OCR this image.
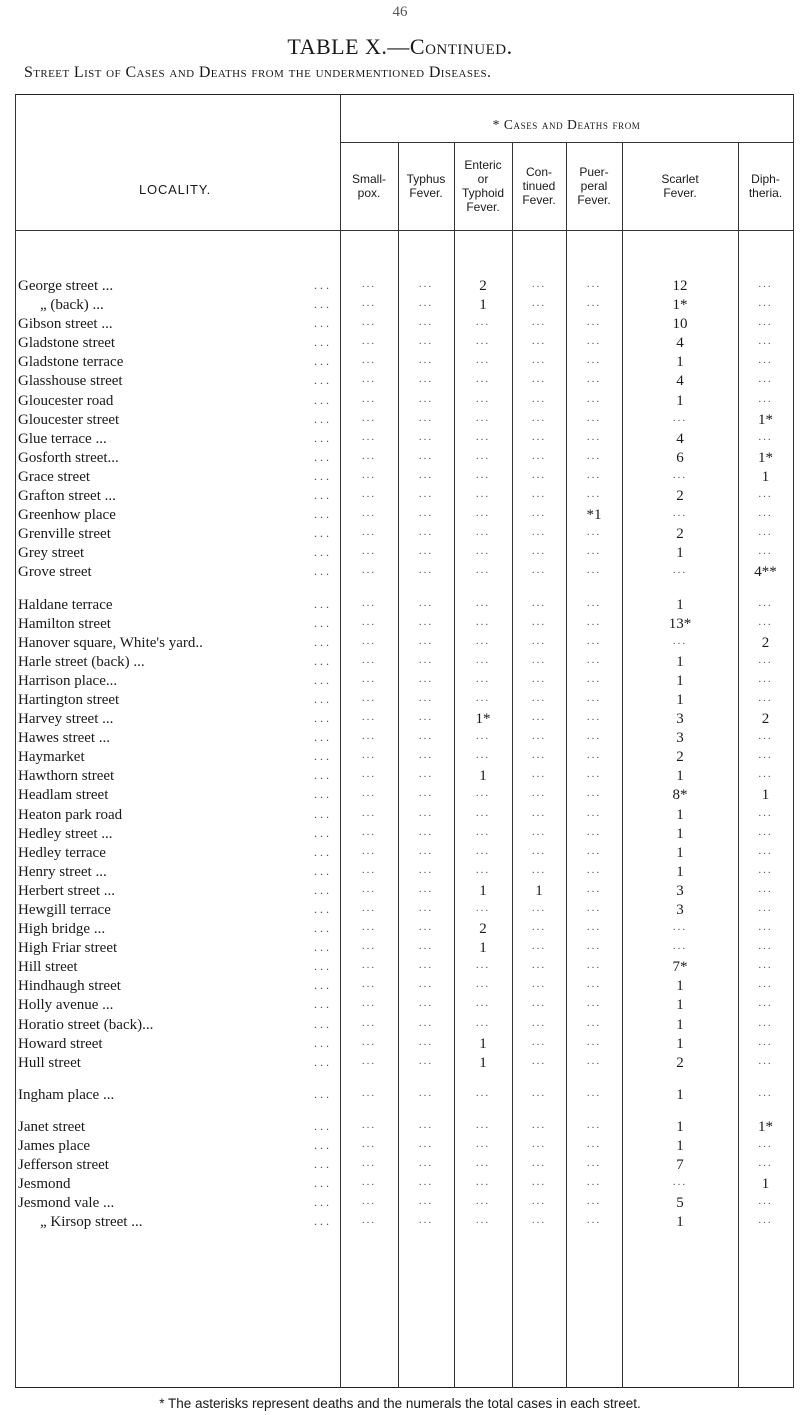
46
TABLE X.—Continued.
Street List of Cases and Deaths from the undermentioned Diseases.
* Cases and Deaths from
LOCALITY.
Small-
pox.
Typhus
Fever.
Enteric
or
Typhoid
Fever.
Con-
tinued
Fever.
Puer-
peral
Fever.
Scarlet
Fever.
Diph-
theria.
...
George street ...	...	...	2	...	...	12	...
...
„ (back) ...	...	...	1	...	...	1*	...
...
Gibson street ...	...	...	...	...	...	10	...
...
Gladstone street	...	...	...	...	...	4	...
...
Gladstone terrace	...	...	...	...	...	1	...
...
Glasshouse street	...	...	...	...	...	4	...
...
Gloucester road	...	...	...	...	...	1	...
...
Gloucester street	...	...	...	...	...	...	1*
...
Glue terrace ...	...	...	...	...	...	4	...
...
Gosforth street...	...	...	...	...	...	6	1*
...
Grace street	...	...	...	...	...	...	1
...
Grafton street ...	...	...	...	...	...	2	...
...
Greenhow place	...	...	...	...	*1	...	...
...
Grenville street	...	...	...	...	...	2	...
...
Grey street	...	...	...	...	...	1	...
...
Grove street	...	...	...	...	...	...	4**
...
Haldane terrace	...	...	...	...	...	1	...
...
Hamilton street	...	...	...	...	...	13*	...
...
Hanover square, White's yard..	...	...	...	...	...	...	2
...
Harle street (back) ...	...	...	...	...	...	1	...
...
Harrison place...	...	...	...	...	...	1	...
...
Hartington street	...	...	...	...	...	1	...
...
Harvey street ...	...	...	1*	...	...	3	2
...
Hawes street ...	...	...	...	...	...	3	...
...
Haymarket	...	...	...	...	...	2	...
...
Hawthorn street	...	...	1	...	...	1	...
...
Headlam street	...	...	...	...	...	8*	1
...
Heaton park road	...	...	...	...	...	1	...
...
Hedley street ...	...	...	...	...	...	1	...
...
Hedley terrace	...	...	...	...	...	1	...
...
Henry street ...	...	...	...	...	...	1	...
...
Herbert street ...	...	...	1	1	...	3	...
...
Hewgill terrace	...	...	...	...	...	3	...
...
High bridge ...	...	...	2	...	...	...	...
...
High Friar street	...	...	1	...	...	...	...
...
Hill street	...	...	...	...	...	7*	...
...
Hindhaugh street	...	...	...	...	...	1	...
...
Holly avenue ...	...	...	...	...	...	1	...
...
Horatio street (back)...	...	...	...	...	...	1	...
...
Howard street	...	...	1	...	...	1	...
...
Hull street	...	...	1	...	...	2	...
...
Ingham place ...	...	...	...	...	...	1	...
...
Janet street	...	...	...	...	...	1	1*
...
James place	...	...	...	...	...	1	...
...
Jefferson street	...	...	...	...	...	7	...
...
Jesmond	...	...	...	...	...	...	1
...
Jesmond vale ...	...	...	...	...	...	5	...
...
„ Kirsop street ...	...	...	...	...	...	1	...
* The asterisks represent deaths and the numerals the total cases in each street.
